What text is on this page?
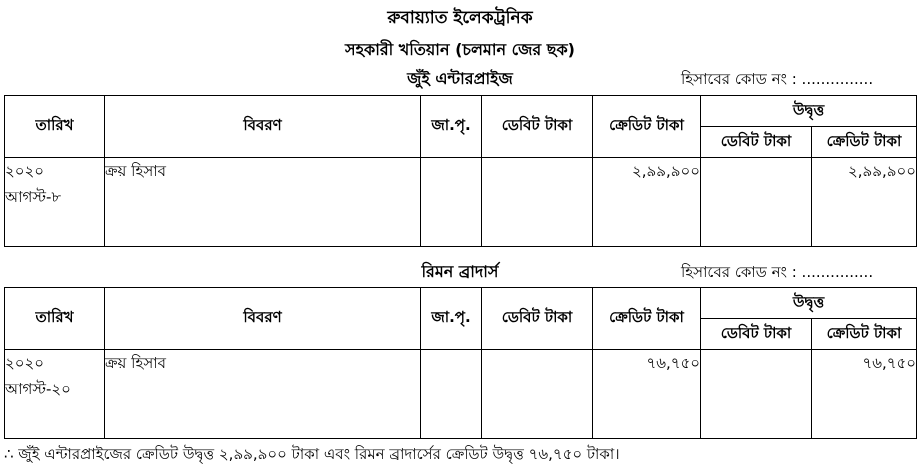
রুবায়্যাত ইলেকট্রনিক
সহকারী খতিয়ান (চলমান জের ছক)
জুঁই এন্টারপ্রাইজ	হিসাবের কোড নং : ...............
তারিখ	বিবরণ	জা.পৃ.	ডেবিট টাকা	ক্রেডিট টাকা	উদ্বৃত্ত	
					ডেবিট টাকা	ক্রেডিট টাকা

২০২০
আগস্ট-৮	ক্রয় হিসাব			২,৯৯,৯০০		২,৯৯,৯০০
রিমন ব্রাদার্স	হিসাবের কোড নং : ...............
তারিখ	বিবরণ	জা.পৃ.	ডেবিট টাকা	ক্রেডিট টাকা	উদ্বৃত্ত	
					ডেবিট টাকা	ক্রেডিট টাকা

২০২০
আগস্ট-২০	ক্রয় হিসাব			৭৬,৭৫০		৭৬,৭৫০
∴ জুঁই এন্টারপ্রাইজের ক্রেডিট উদ্বৃত্ত ২,৯৯,৯০০ টাকা এবং রিমন ব্রাদার্সের ক্রেডিট উদ্বৃত্ত ৭৬,৭৫০ টাকা।
